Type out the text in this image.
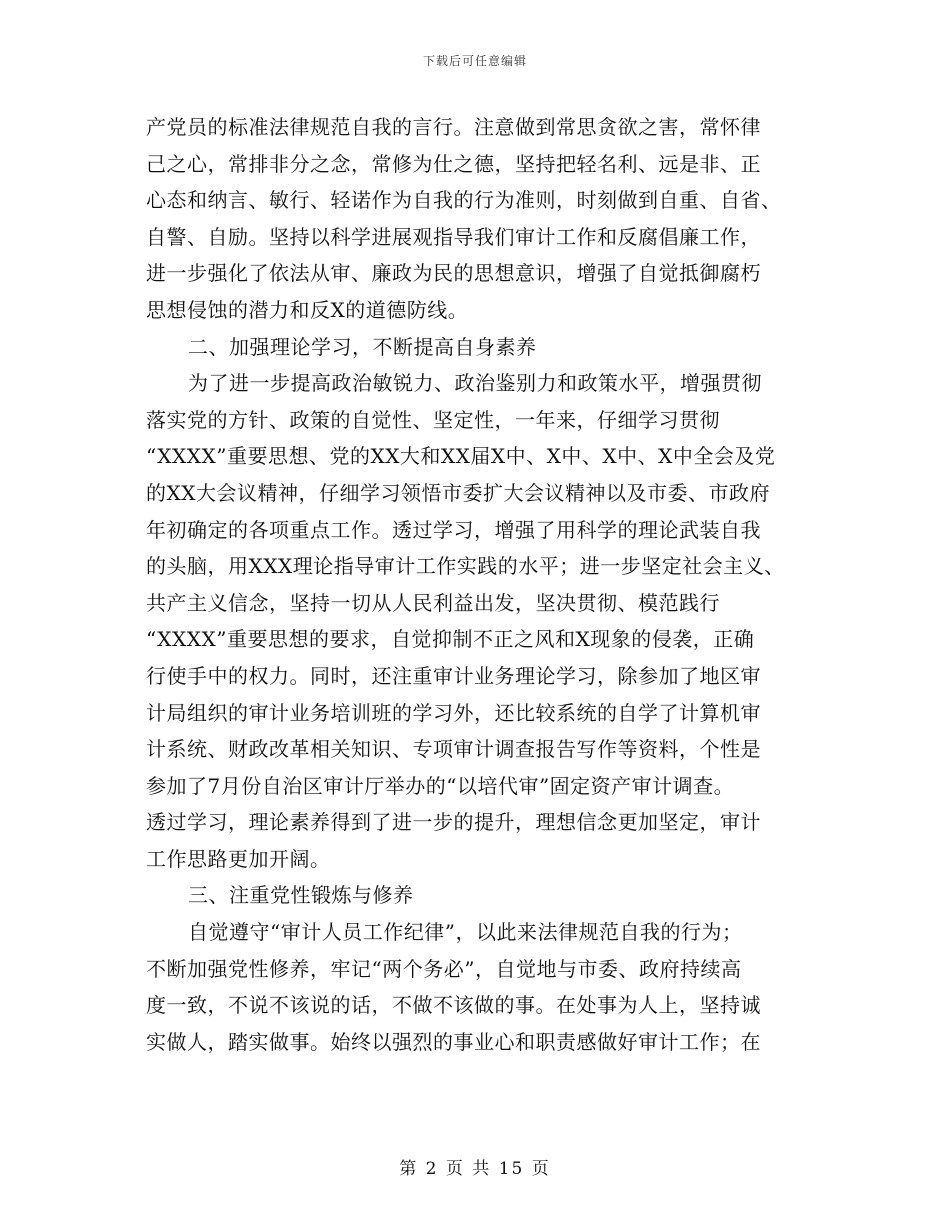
下载后可任意编辑
产党员的标准法律规范自我的言行。注意做到常思贪欲之害，常怀律
己之心，常排非分之念，常修为仕之德，坚持把轻名利、远是非、正
心态和纳言、敏行、轻诺作为自我的行为准则，时刻做到自重、自省、
自警、自励。坚持以科学进展观指导我们审计工作和反腐倡廉工作，
进一步强化了依法从审、廉政为民的思想意识，增强了自觉抵御腐朽
思想侵蚀的潜力和反X的道德防线。
二、加强理论学习，不断提高自身素养
为了进一步提高政治敏锐力、政治鉴别力和政策水平，增强贯彻
落实党的方针、政策的自觉性、坚定性，一年来，仔细学习贯彻
“XXXX”重要思想、党的XX大和XX届X中、X中、X中、X中全会及党
的XX大会议精神，仔细学习领悟市委扩大会议精神以及市委、市政府
年初确定的各项重点工作。透过学习，增强了用科学的理论武装自我
的头脑，用XXX理论指导审计工作实践的水平；进一步坚定社会主义、
共产主义信念，坚持一切从人民利益出发，坚决贯彻、模范践行
“XXXX”重要思想的要求，自觉抑制不正之风和X现象的侵袭，正确
行使手中的权力。同时，还注重审计业务理论学习，除参加了地区审
计局组织的审计业务培训班的学习外，还比较系统的自学了计算机审
计系统、财政改革相关知识、专项审计调查报告写作等资料，个性是
参加了7月份自治区审计厅举办的“以培代审”固定资产审计调查。
透过学习，理论素养得到了进一步的提升，理想信念更加坚定，审计
工作思路更加开阔。
三、注重党性锻炼与修养
自觉遵守“审计人员工作纪律”，以此来法律规范自我的行为；
不断加强党性修养，牢记“两个务必”，自觉地与市委、政府持续高
度一致，不说不该说的话，不做不该做的事。在处事为人上，坚持诚
实做人，踏实做事。始终以强烈的事业心和职责感做好审计工作；在
第 2 页 共 15 页
